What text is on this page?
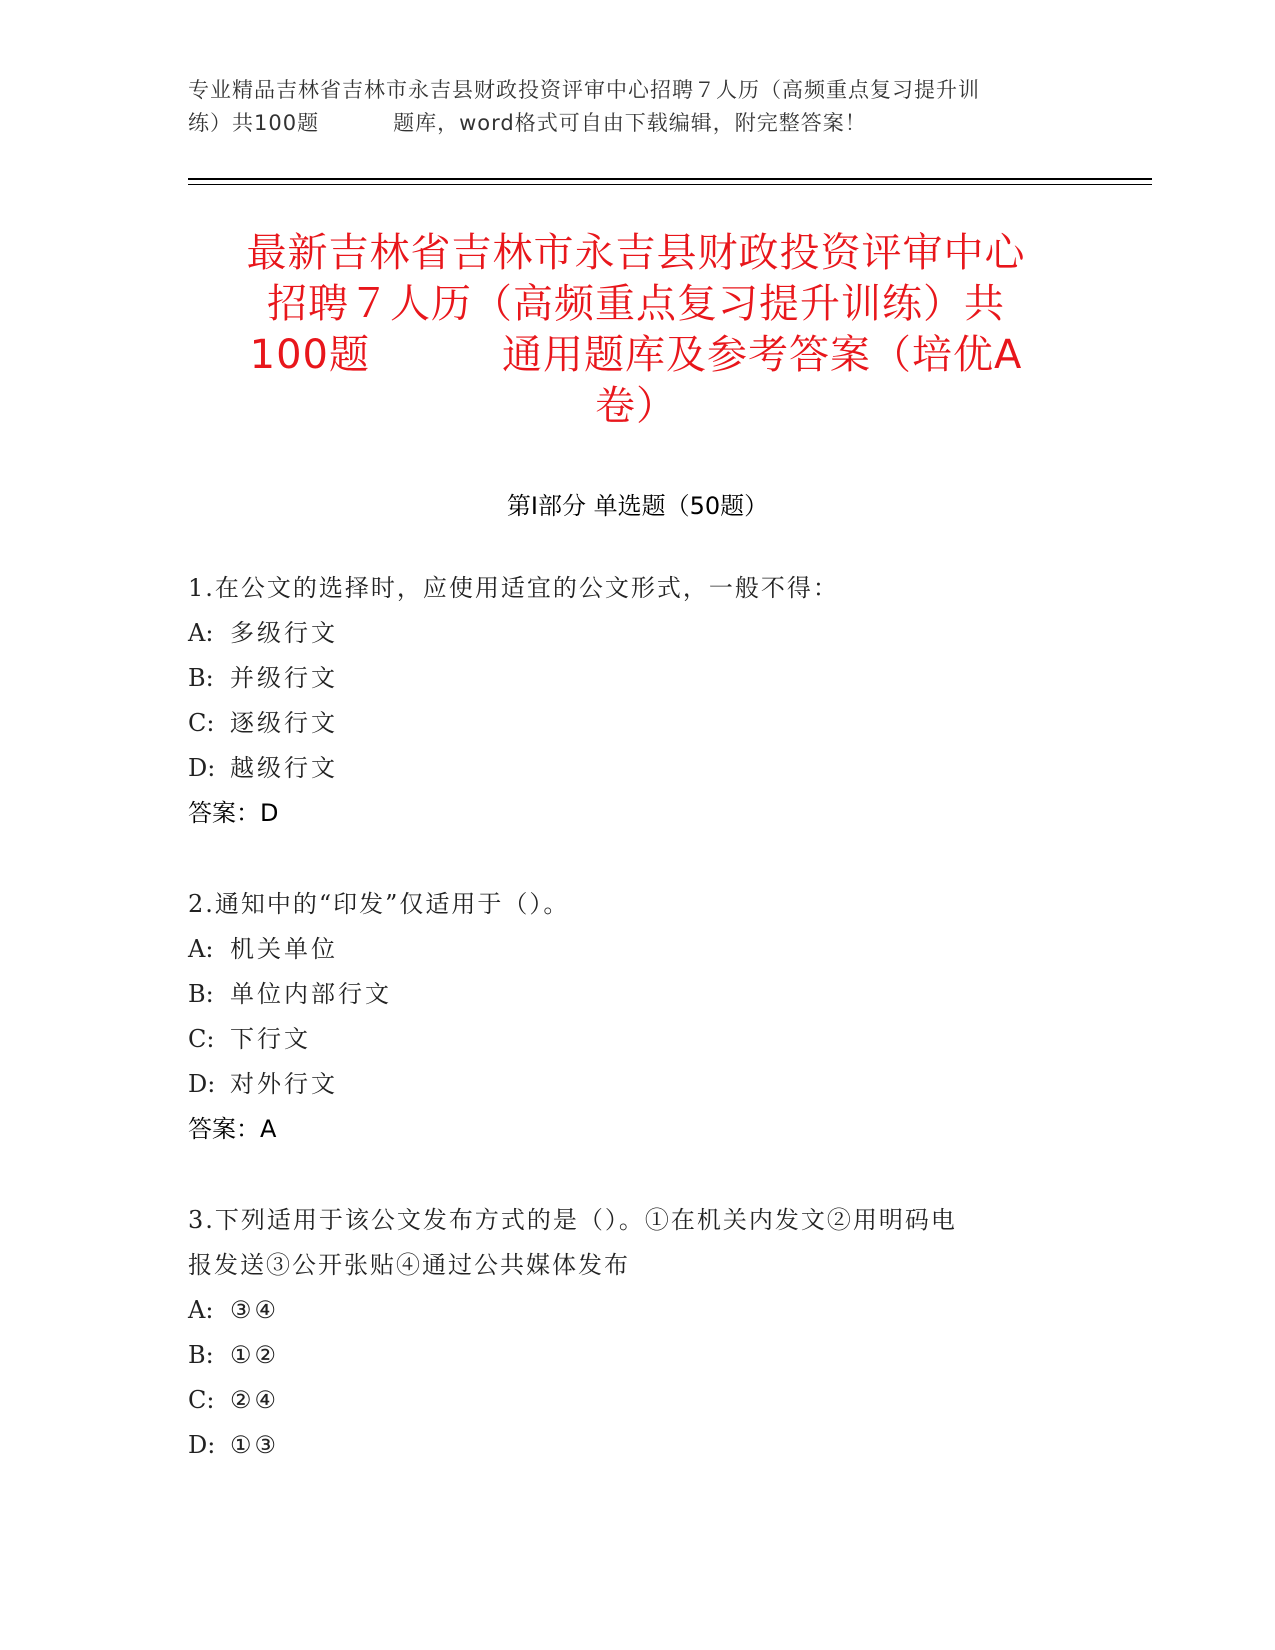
专业精品吉林省吉林市永吉县财政投资评审中心招聘７人历（高频重点复习提升训
练）共100题	题库，word格式可自由下载编辑，附完整答案！
最新吉林省吉林市永吉县财政投资评审中心
招聘７人历（高频重点复习提升训练）共
100题	通用题库及参考答案（培优A
卷）
第Ⅰ部分 单选题（50题）
1.在公文的选择时，应使用适宜的公文形式，一般不得：
A: 多级行文
B: 并级行文
C: 逐级行文
D: 越级行文
答案：D
2.通知中的“印发”仅适用于（）。
A: 机关单位
B: 单位内部行文
C: 下行文
D: 对外行文
答案：A
3.下列适用于该公文发布方式的是（）。①在机关内发文②用明码电
报发送③公开张贴④通过公共媒体发布
A: ③④
B: ①②
C: ②④
D: ①③
